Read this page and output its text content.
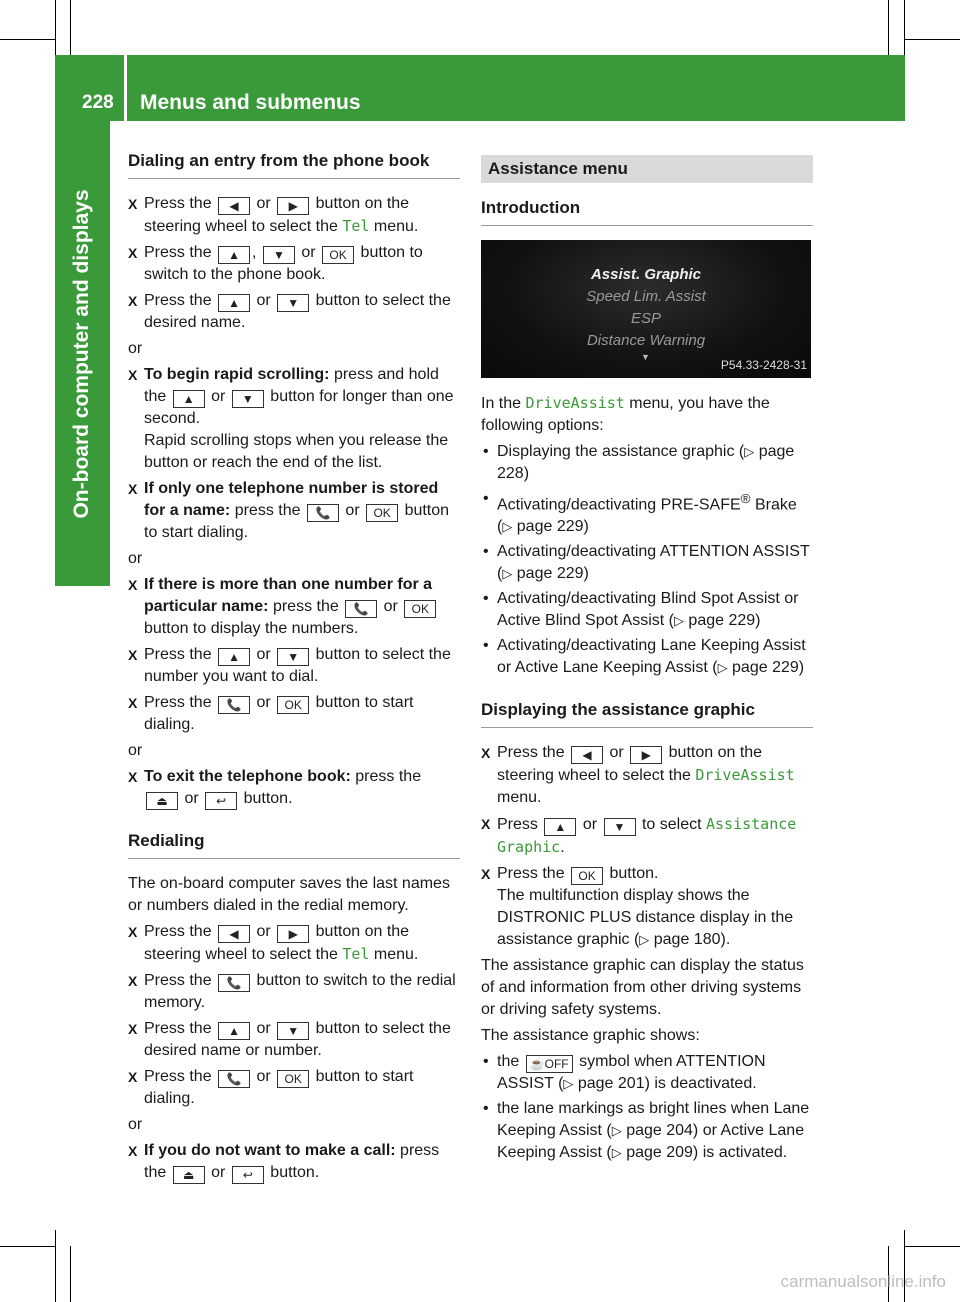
228 Menus and submenus
On-board computer and displays
Dialing an entry from the phone book
X Press the ◀ or ▶ button on the steering wheel to select the Tel menu.
X Press the ▲ , ▼ or OK button to switch to the phone book.
X Press the ▲ or ▼ button to select the desired name.
or
X To begin rapid scrolling: press and hold the ▲ or ▼ button for longer than one second.
Rapid scrolling stops when you release the button or reach the end of the list.
X If only one telephone number is stored for a name: press the 📞 or OK button to start dialing.
or
X If there is more than one number for a particular name: press the 📞 or OK button to display the numbers.
X Press the ▲ or ▼ button to select the number you want to dial.
X Press the 📞 or OK button to start dialing.
or
X To exit the telephone book: press the ⏏ or ↩ button.
Redialing
The on-board computer saves the last names or numbers dialed in the redial memory.
X Press the ◀ or ▶ button on the steering wheel to select the Tel menu.
X Press the 📞 button to switch to the redial memory.
X Press the ▲ or ▼ button to select the desired name or number.
X Press the 📞 or OK button to start dialing.
or
X If you do not want to make a call: press the ⏏ or ↩ button.
Assistance menu
Introduction
Assist. Graphic
Speed Lim. Assist
ESP
Distance Warning
▼
P54.33-2428-31
In the DriveAssist menu, you have the following options:
• Displaying the assistance graphic (▷ page 228)
• Activating/deactivating PRE-SAFE® Brake (▷ page 229)
• Activating/deactivating ATTENTION ASSIST (▷ page 229)
• Activating/deactivating Blind Spot Assist or Active Blind Spot Assist (▷ page 229)
• Activating/deactivating Lane Keeping Assist or Active Lane Keeping Assist (▷ page 229)
Displaying the assistance graphic
X Press the ◀ or ▶ button on the steering wheel to select the DriveAssist menu.
X Press ▲ or ▼ to select Assistance Graphic.
X Press the OK button.
The multifunction display shows the DISTRONIC PLUS distance display in the assistance graphic (▷ page 180).
The assistance graphic can display the status of and information from other driving systems or driving safety systems.
The assistance graphic shows:
• the ☕OFF symbol when ATTENTION ASSIST (▷ page 201) is deactivated.
• the lane markings as bright lines when Lane Keeping Assist (▷ page 204) or Active Lane Keeping Assist (▷ page 209) is activated.
carmanualsonline.info
